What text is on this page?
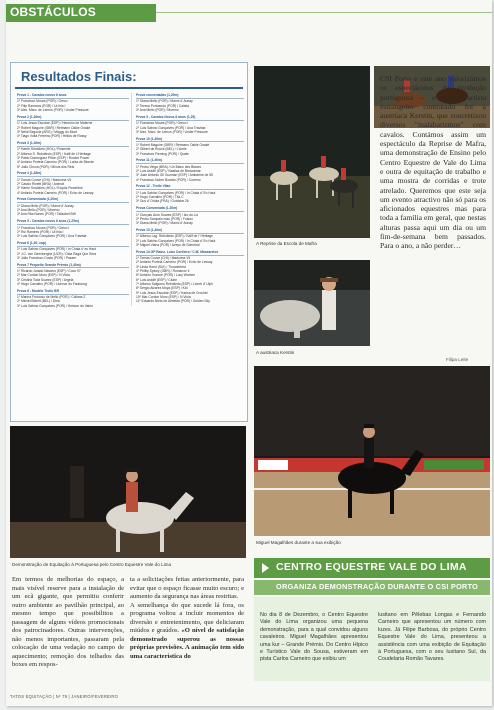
OBSTÁCULOS
Resultados Finais:
Prova 1 - Cavalos novos 6 anos
1º Francisco Moura (POR) / Greco
2º Filip Rammos (POR) / Ur.Ihia I
3º Alex. Marc. de Lemos (POR) / Under Pressure
Prova 2 (1,30m)
1º Luís Jesus Escobar (ESP) / Hermino de Materne
2º Robert Maguire (GBR) / Retmann Oakle Onaké
3º Neldi Segovia (ARG) / Maggy du Mont
4º Tiago Volta Ferreira (POR) / Hélios de Rossy
Prova 3 (1,40m)
1º Harrie Smolders (HOL) / Rosemie
2º Alfonso S. Rebolledo (ESP) / Kalif de L'Héritage
3º Pablo Dominguez Piñon (ESP) / Rocket Power
4º António Portela Carneiro (POR) / Lorka de Blonde
5º João Chuva (POR) / Minus dos Reis
Prova 4 (1,45m)
1º Tomas Couve (CHI) / Madonna VII
2º Cassio Rivetti (BRA) / Animàt
3º Harrie Smolders (HOL) / Exquis Powerline
4º António Portela Carneiro (POR) / Echo de Lessay
Prova Conveniada (1,20m)
1º Diana Mello (POR) / Manni d' Aunay
2º Ana Mello (POR) / Moreno
3º Ana Rita Nunes (POR) / Talisobel BW
Prova 5 - Cavalos novos 6 anos (1,25m)
1º Francisco Moura (POR) / Greco I
2º Rui Ramires (POR) / Ur.Ihia I
3º Luís Sabino Gonçalves (POR) / Una Travista
Prova 6 (1,30, cap)
1º Luís Sabino Gonçalves (POR) / In Chala d' es Haut
2º J.C. van Geenberghe (UCR) / Osta Raga Que Sera
3º João Francisco Costa (POR) / Pazam
Prova 7 Pequeño Grande Prémio (1,40m)
1º Ricardo Jurado Navarro (ESP) / Coco 97
2º Mar Cordon Muro (ESP) / N Viola
3º Cristina Toda Suarez (ESP) / Argeia
4º Hugo Carvalho (POR) / Licence du Faubourg
Prova 8 - Modelo Trollo BR
1º Marina Frutuoso de Mello (POR) / Coliana Z
2º Michel Bideirt (BEL) / Dina
3º Luís Sabino Gonçalves (POR) / Horizon du Valon
Prova conveniadas (1,20m)
1º Diana Mello (POR) / Manni d' Aunay
2º Teresa Portuendo (POR) / Calista
3º Ana Mello (POR) / Moreno
Prova 9 - Cavalos Novos 6 anos (1,25)
1º Francisco Moura (POR) / Greco I
2º Luís Sabino Gonçalves (POR) / Una Travista
3º Alex. Marc. de Lemos (POR) / Under Pressure
Prova 10 (1,30m)
1º Robert Maguire (GBR) / Retmann Oakle Onaké
2º Gilbert de Roock (BEL) / L'Amie
3º Francisco Fleming (POR) / Quate
Prova 11 (1,40m)
1º Pedro Veiga (BRA) / Un Blanc des Blancs
2º Luís Astolfi (ESP) / Nastica de Brescamar
3º Juan Antonio Gil Guzman (ESP) / Ambarine de 55
4º Francisco Nobre Boarão (POR) / Curreno
Prova 12 - Trollo Vilao
1º Luís Sabino Gonçalves (POR) / In Chala d' En Haut
2º Hugo Carvalho (POR) / Tlla C
3º Gus d' Oriola (FRA) / Goldstar 26
Prova Conveniada (1,20m)
1º Gonçalo Aron Soares (ESP) / Iso du Loi
2º Pedro Sampaio mau (POR) / Fusion
3º Diana Mello (POR) / Manni d' Aunay
Prova 13 (1,40m)
1º Alfonso Lag. Rebolledo (ESP) / Kalif de l' Héritage
2º Luís Sabino Gonçalves (POR) / In Chala d' En Haut
3º Miguel Viana (POR) / Aveyo de Sobreiral
Prova 14 GP Rainz. Lobo Cordeiro / C.M. Massarelos
1º Tomas Couve (CHI) / Madonna VII
2º António Portela Carneiro (POR) / Echo de Lessay
3º Linda Heed (SUI) / Thunderbird
4º Phillip Spivey (GBR) / Romanov II
5º António Vozone (POR) / Lucy Women
6º Luís Astolfi (ESP) / Ciube
7º Alfonso Salguero Rebolledo (ESP) / Lionel d' Ulph
8º Sérgio Alvarez Moya (ESP) / Kid
9º Luís Jesus Escobar (ESP) / Karisa de Crochet
10º Mar Cordon Muro (ESP) / N Viola
11º Eduardo Nieto de Almeida (POR) / Golden Sky
A Reprise da Escola de Mafra
A austriaca Kerstin
CSI Porto e este ano valorizámos os espectáculos de produção portuguesa – o único artista estrangeiro contratado foi a austríaca Kerstin, que concretizou diversos "malabarismos" com cavalos. Contámos assim um espectáculo da Reprise de Mafra, uma demonstração de Ensino pelo Centro Equestre de Vale do Lima e outra de equitação de trabalho e uma mostra de corridas e trote atrelado. Queremos que este seja um evento atractivo não só para os aficionados equestres mas para toda a família em geral, que nestas alturas passa aqui um dia ou um fim-de-semana bem passados. Para o ano, a não perder…
Filipa Leite
Miguel Magalhães durante a sua exibição
Demonstração de Equitação à Portuguesa pelo Centro Equestre Vale do Lima
Em termos de melhorias do espaço, a mais visível reserve para a instalação de um ecã gigante, que permitiu conferir outro ambiente ao pavilhão principal, ao mesmo tempo que possibilitou a passagem de alguns vídeos promocionais dos patrocinadores. Outras intervenções, não menos importantes, passaram pela colocação de uma vedação no campo de aquecimento; remoção dos telhados das boxes em respos-
ta a solicitações feitas anteriormente, para evitar que o espaço ficasse muito escuro; e aumento da segurança nas áreas restritas.
A semelhança do que sucede lá fora, os programa voltou a incluir momentos de diversão e entretenimento, que deliciaram miúdos e graúdos. «O nível de satisfação demonstrado superou as nossas próprias previsões. A animação tem sido uma característica do
CENTRO EQUESTRE VALE DO LIMA
ORGANIZA DEMONSTRAÇÃO DURANTE O CSI PORTO
No dia 8 de Dezembro, o Centro Equestre Vale do Lima organizou uma pequena demonstração, para a qual convidou alguns cavaleiros. Miguel Magalhães apresentou uma kur – Grande Prémio. Do Centro Hípico e Turístico Vale do Sousa, estiveram em pista Carlos Carneiro que exibiu um
lusitano em Pêlebas Longas e Fernando Carneiro que apresentou um número com luzes. Já Filipe Barbosa, do próprio Centro Equestre Vale do Lima, presenteou a assistência com uma exibição de Equitação à Portuguesa, com o seu lusitano Sul, da Coudelaria Romão Tavares.
TATOS EQUITAÇÃO | Nº 79 | JANEIRO/FEVEREIRO
